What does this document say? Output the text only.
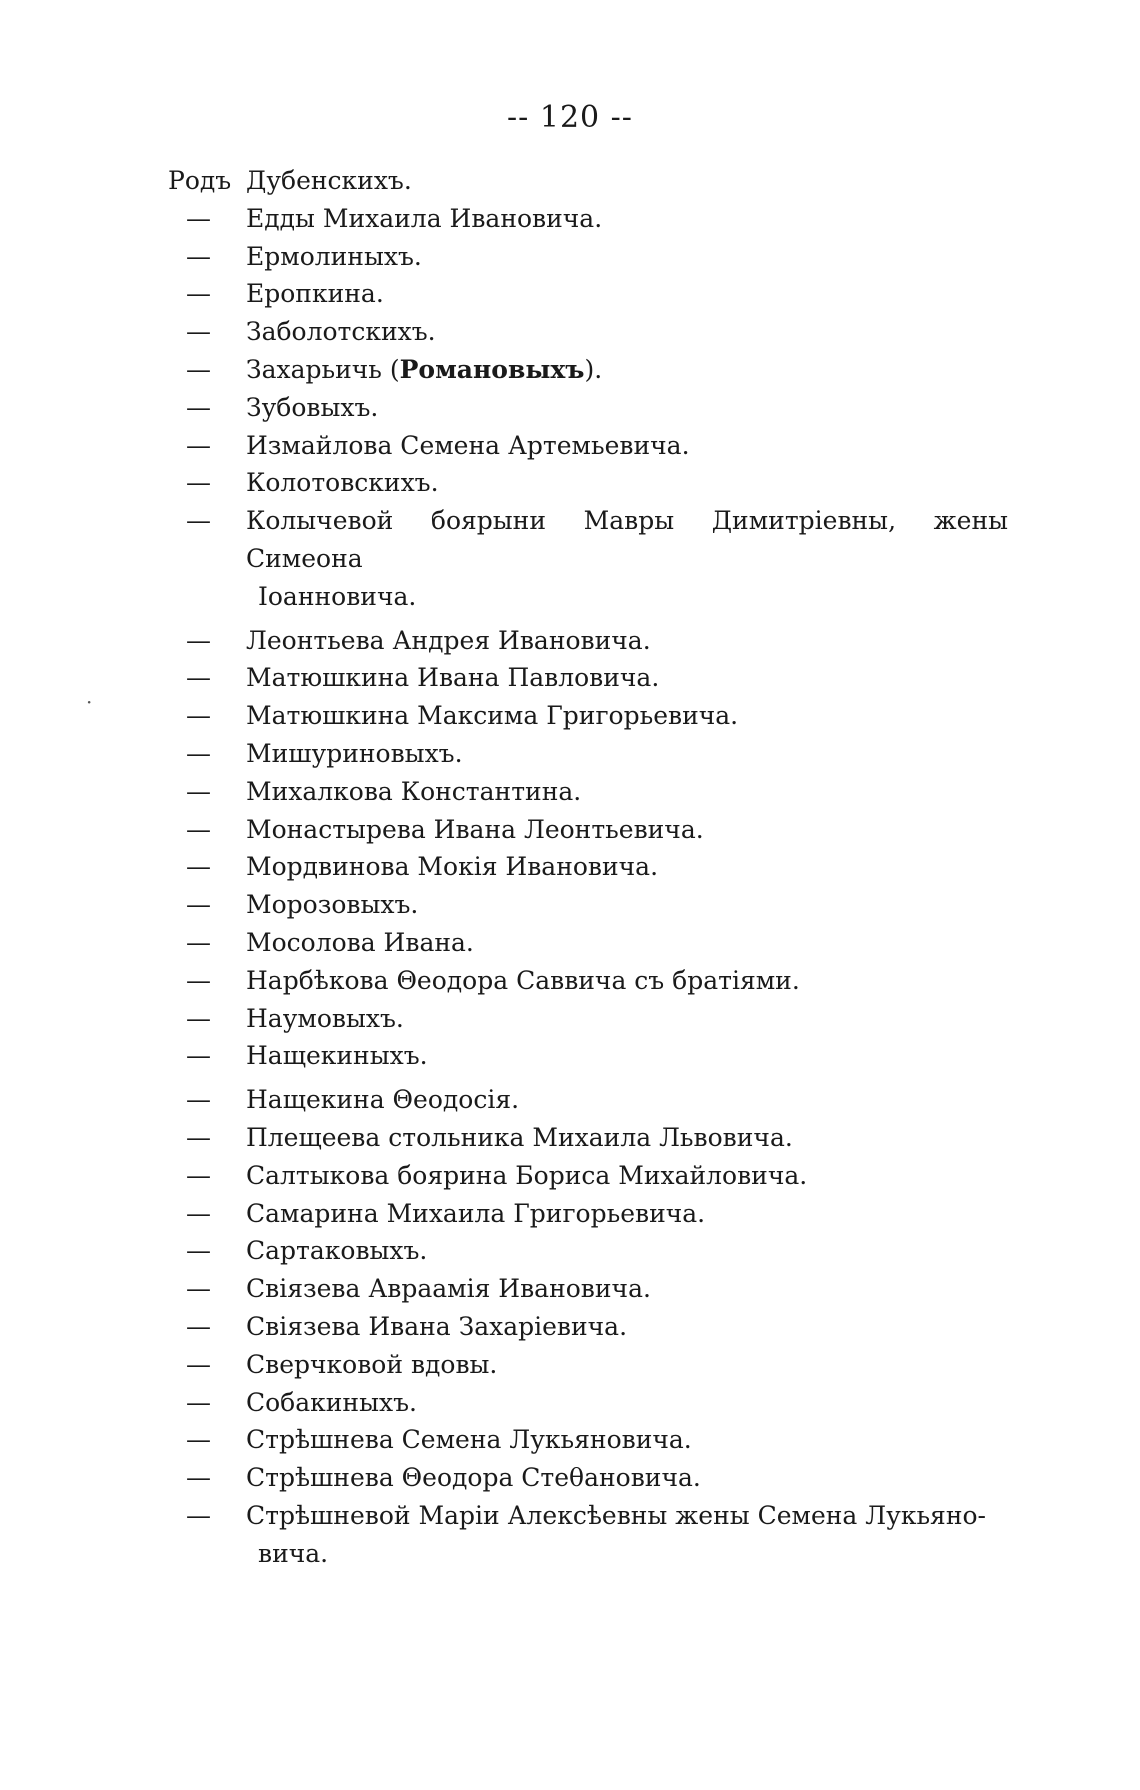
-- 120 --
Родъ Дубенскихъ.
—	Едды Михаила Ивановича.
—	Ермолиныхъ.
—	Еропкина.
—	Заболотскихъ.
—	Захарьичь (Романовыхъ).
—	Зубовыхъ.
—	Измайлова Семена Артемьевича.
—	Колотовскихъ.
—	Колычевой боярыни Мавры Димитріевны, жены Симеона
Іоанновича.
—	Леонтьева Андрея Ивановича.
—	Матюшкина Ивана Павловича.
—	Матюшкина Максима Григорьевича.
—	Мишуриновыхъ.
—	Михалкова Константина.
—	Монастырева Ивана Леонтьевича.
—	Мордвинова Мокія Ивановича.
—	Морозовыхъ.
—	Мосолова Ивана.
—	Нарбѣкова Θеодора Саввича съ братіями.
—	Наумовыхъ.
—	Нащекиныхъ.
—	Нащекина Θеодосія.
—	Плещеева стольника Михаила Львовича.
—	Салтыкова боярина Бориса Михайловича.
—	Самарина Михаила Григорьевича.
—	Сартаковыхъ.
—	Свіязева Авраамія Ивановича.
—	Свіязева Ивана Захаріевича.
—	Сверчковой вдовы.
—	Собакиныхъ.
—	Стрѣшнева Семена Лукьяновича.
—	Стрѣшнева Θеодора Стеθановича.
—	Стрѣшневой Маріи Алексѣевны жены Семена Лукьяно-
вича.
·
